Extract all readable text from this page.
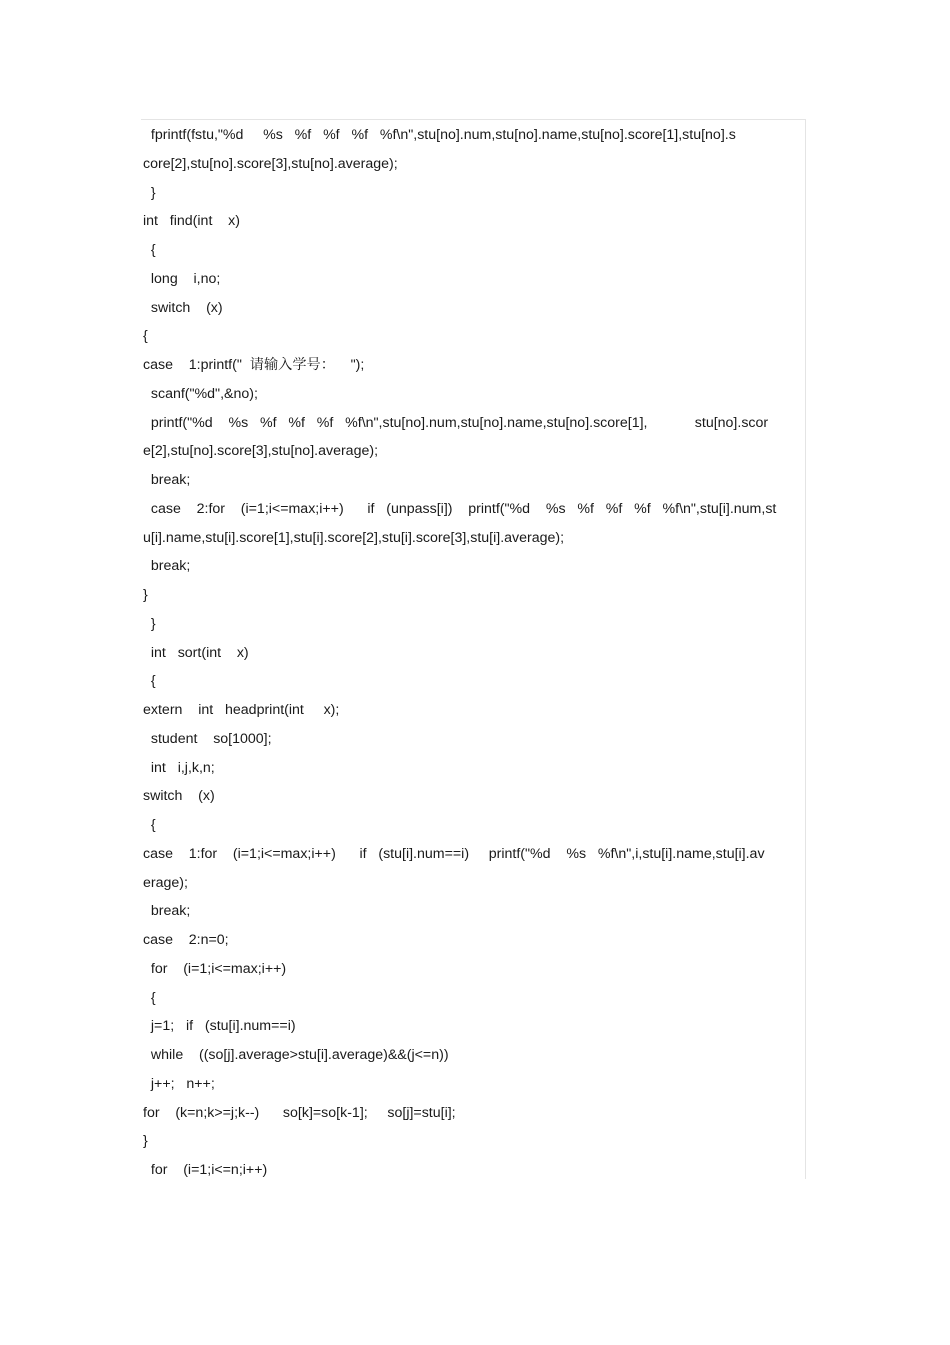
fprintf(fstu,"%d     %s   %f   %f   %f   %f\n",stu[no].num,stu[no].name,stu[no].score[1],stu[no].s
core[2],stu[no].score[3],stu[no].average);
}
int   find(int    x)
{
long    i,no;
switch    (x)
{
case    1:printf("  请输入学号：    ");
scanf("%d",&no);
printf("%d    %s   %f   %f   %f   %f\n",stu[no].num,stu[no].name,stu[no].score[1],            stu[no].scor
e[2],stu[no].score[3],stu[no].average);
break;
case    2:for    (i=1;i<=max;i++)      if   (unpass[i])    printf("%d    %s   %f   %f   %f   %f\n",stu[i].num,st
u[i].name,stu[i].score[1],stu[i].score[2],stu[i].score[3],stu[i].average);
break;
}
}
int   sort(int    x)
{
extern    int   headprint(int     x);
student    so[1000];
int   i,j,k,n;
switch    (x)
{
case    1:for    (i=1;i<=max;i++)      if   (stu[i].num==i)     printf("%d    %s   %f\n",i,stu[i].name,stu[i].av
erage);
break;
case    2:n=0;
for    (i=1;i<=max;i++)
{
j=1;   if   (stu[i].num==i)
while    ((so[j].average>stu[i].average)&&(j<=n))
j++;   n++;
for    (k=n;k>=j;k--)      so[k]=so[k-1];     so[j]=stu[i];
}
for    (i=1;i<=n;i++)
